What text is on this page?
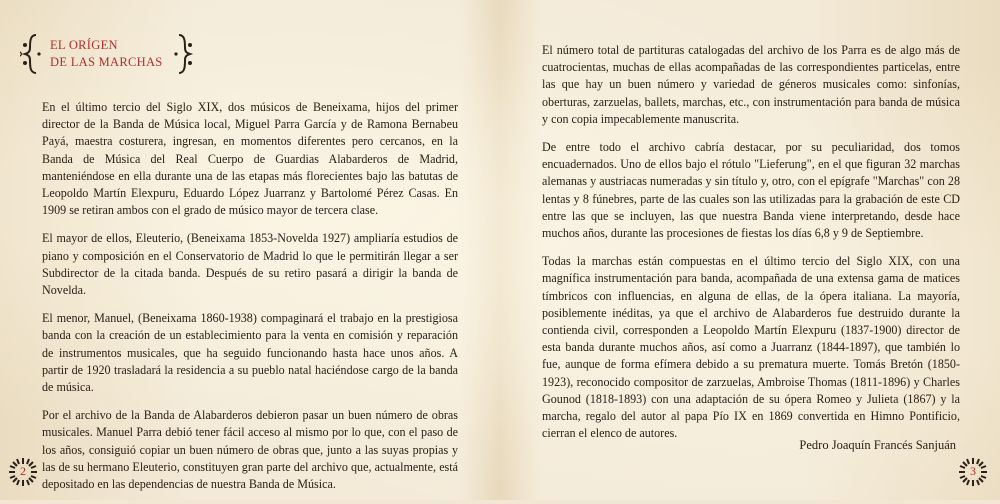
EL ORÍGEN
DE LAS MARCHAS

En el último tercio del Siglo XIX, dos músicos de Beneixama, hijos del primer director de la Banda de Música local, Miguel Parra García y de Ramona Bernabeu Payá, maestra costurera, ingresan, en momentos diferentes pero cercanos, en la Banda de Música del Real Cuerpo de Guardias Alabarderos de Madrid, manteniéndose en ella durante una de las etapas más florecientes bajo las batutas de Leopoldo Martín Elexpuru, Eduardo López Juarranz y Bartolomé Pérez Casas. En 1909 se retiran ambos con el grado de músico mayor de tercera clase.

El mayor de ellos, Eleuterio, (Beneixama 1853-Novelda 1927) ampliaría estudios de piano y composición en el Conservatorio de Madrid lo que le permitirán llegar a ser Subdirector de la citada banda. Después de su retiro pasará a dirigir la banda de Novelda.

El menor, Manuel, (Beneixama 1860-1938) compaginará el trabajo en la prestigiosa banda con la creación de un establecimiento para la venta en comisión y reparación de instrumentos musicales, que ha seguido funcionando hasta hace unos años. A partir de 1920 trasladará la residencia a su pueblo natal haciéndose cargo de la banda de música.

Por el archivo de la Banda de Alabarderos debieron pasar un buen número de obras musicales. Manuel Parra debió tener fácil acceso al mismo por lo que, con el paso de los años, consiguió copiar un buen número de obras que, junto a las suyas propias y las de su hermano Eleuterio, constituyen gran parte del archivo que, actualmente, está depositado en las dependencias de nuestra Banda de Música.

2

El número total de partituras catalogadas del archivo de los Parra es de algo más de cuatrocientas, muchas de ellas acompañadas de las correspondientes particelas, entre las que hay un buen número y variedad de géneros musicales como: sinfonías, oberturas, zarzuelas, ballets, marchas, etc., con instrumentación para banda de música y con copia impecablemente manuscrita.

De entre todo el archivo cabría destacar, por su peculiaridad, dos tomos encuadernados. Uno de ellos bajo el rótulo "Lieferung", en el que figuran 32 marchas alemanas y austriacas numeradas y sin título y, otro, con el epígrafe "Marchas" con 28 lentas y 8 fúnebres, parte de las cuales son las utilizadas para la grabación de este CD entre las que se incluyen, las que nuestra Banda viene interpretando, desde hace muchos años, durante las procesiones de fiestas los días 6,8 y 9 de Septiembre.

Todas la marchas están compuestas en el último tercio del Siglo XIX, con una magnífica instrumentación para banda, acompañada de una extensa gama de matices tímbricos con influencias, en alguna de ellas, de la ópera italiana. La mayoría, posiblemente inéditas, ya que el archivo de Alabarderos fue destruido durante la contienda civil, corresponden a Leopoldo Martín Elexpuru (1837-1900) director de esta banda durante muchos años, así como a Juarranz (1844-1897), que también lo fue, aunque de forma efímera debido a su prematura muerte. Tomás Bretón (1850-1923), reconocido compositor de zarzuelas, Ambroise Thomas (1811-1896) y Charles Gounod (1818-1893) con una adaptación de su ópera Romeo y Julieta (1867) y la marcha, regalo del autor al papa Pío IX en 1869 convertida en Himno Pontificio, cierran el elenco de autores.

Pedro Joaquín Francés Sanjuán
3
